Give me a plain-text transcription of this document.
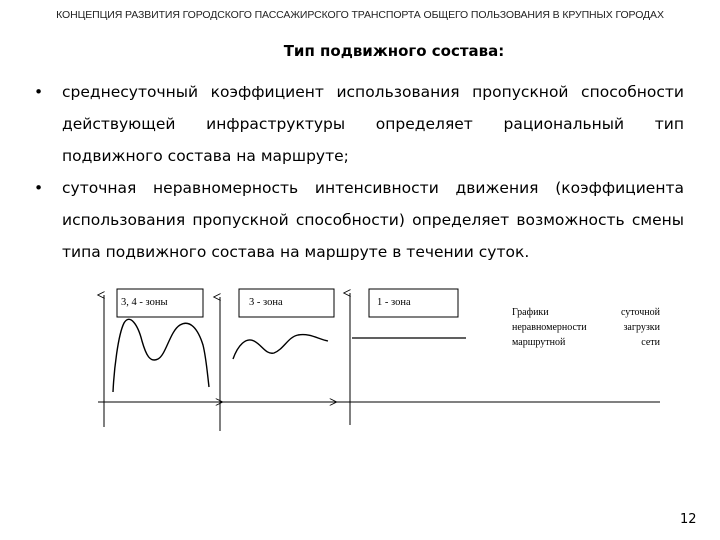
КОНЦЕПЦИЯ РАЗВИТИЯ ГОРОДСКОГО ПАССАЖИРСКОГО ТРАНСПОРТА ОБЩЕГО ПОЛЬЗОВАНИЯ В КРУПНЫХ ГОРОДАХ
Тип подвижного состава:

• среднесуточный коэффициент использования пропускной способности действующей инфраструктуры определяет рациональный тип подвижного состава на маршруте;

• суточная неравномерность интенсивности движения (коэффициента использования пропускной способности) определяет возможность смены типа подвижного состава на маршруте в течении суток.

3, 4 - зоны	3 - зона	1 - зона
Графики суточной
неравномерности загрузки
маршрутной сети
12
